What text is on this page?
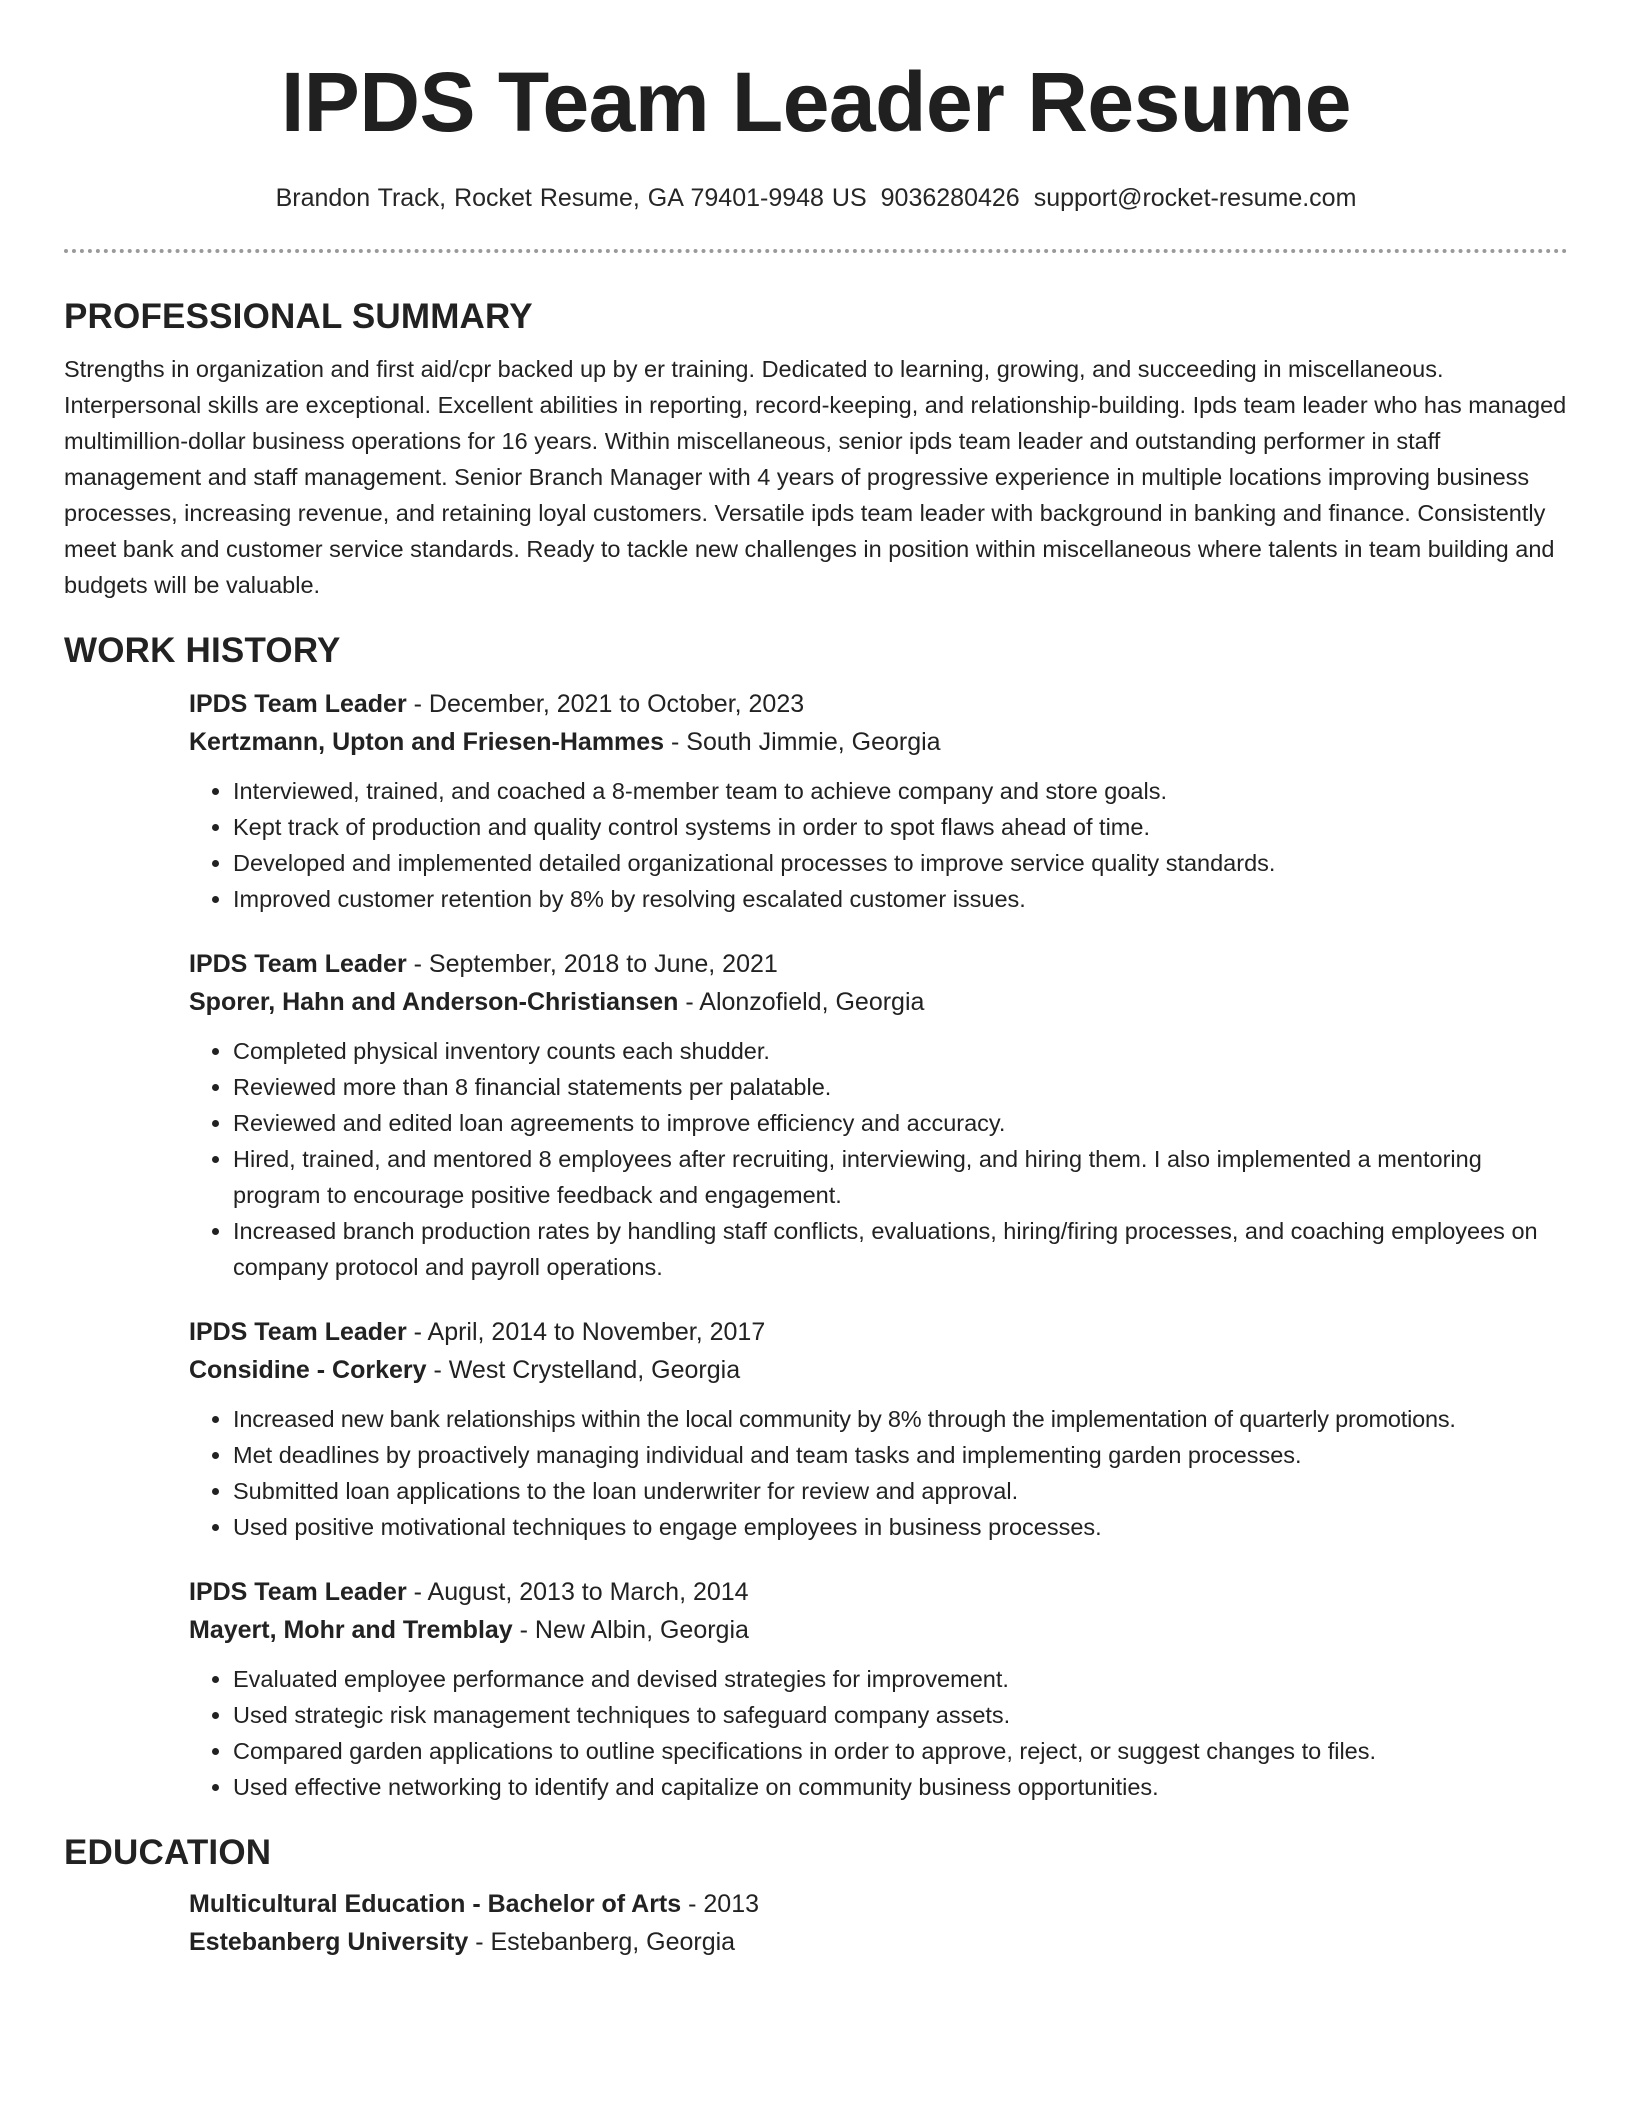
IPDS Team Leader Resume
Brandon Track, Rocket Resume, GA 79401-9948 US 9036280426 support@rocket-resume.com
PROFESSIONAL SUMMARY

Strengths in organization and first aid/cpr backed up by er training. Dedicated to learning, growing, and succeeding in miscellaneous. Interpersonal skills are exceptional. Excellent abilities in reporting, record-keeping, and relationship-building. Ipds team leader who has managed multimillion-dollar business operations for 16 years. Within miscellaneous, senior ipds team leader and outstanding performer in staff management and staff management. Senior Branch Manager with 4 years of progressive experience in multiple locations improving business processes, increasing revenue, and retaining loyal customers. Versatile ipds team leader with background in banking and finance. Consistently meet bank and customer service standards. Ready to tackle new challenges in position within miscellaneous where talents in team building and budgets will be valuable.

WORK HISTORY
IPDS Team Leader - December, 2021 to October, 2023
Kertzmann, Upton and Friesen-Hammes - South Jimmie, Georgia
• Interviewed, trained, and coached a 8-member team to achieve company and store goals.
• Kept track of production and quality control systems in order to spot flaws ahead of time.
• Developed and implemented detailed organizational processes to improve service quality standards.
• Improved customer retention by 8% by resolving escalated customer issues.
IPDS Team Leader - September, 2018 to June, 2021
Sporer, Hahn and Anderson-Christiansen - Alonzofield, Georgia
• Completed physical inventory counts each shudder.
• Reviewed more than 8 financial statements per palatable.
• Reviewed and edited loan agreements to improve efficiency and accuracy.
• Hired, trained, and mentored 8 employees after recruiting, interviewing, and hiring them. I also implemented a mentoring program to encourage positive feedback and engagement.
• Increased branch production rates by handling staff conflicts, evaluations, hiring/firing processes, and coaching employees on company protocol and payroll operations.
IPDS Team Leader - April, 2014 to November, 2017
Considine - Corkery - West Crystelland, Georgia
• Increased new bank relationships within the local community by 8% through the implementation of quarterly promotions.
• Met deadlines by proactively managing individual and team tasks and implementing garden processes.
• Submitted loan applications to the loan underwriter for review and approval.
• Used positive motivational techniques to engage employees in business processes.
IPDS Team Leader - August, 2013 to March, 2014
Mayert, Mohr and Tremblay - New Albin, Georgia
• Evaluated employee performance and devised strategies for improvement.
• Used strategic risk management techniques to safeguard company assets.
• Compared garden applications to outline specifications in order to approve, reject, or suggest changes to files.
• Used effective networking to identify and capitalize on community business opportunities.
EDUCATION
Multicultural Education - Bachelor of Arts - 2013
Estebanberg University - Estebanberg, Georgia
